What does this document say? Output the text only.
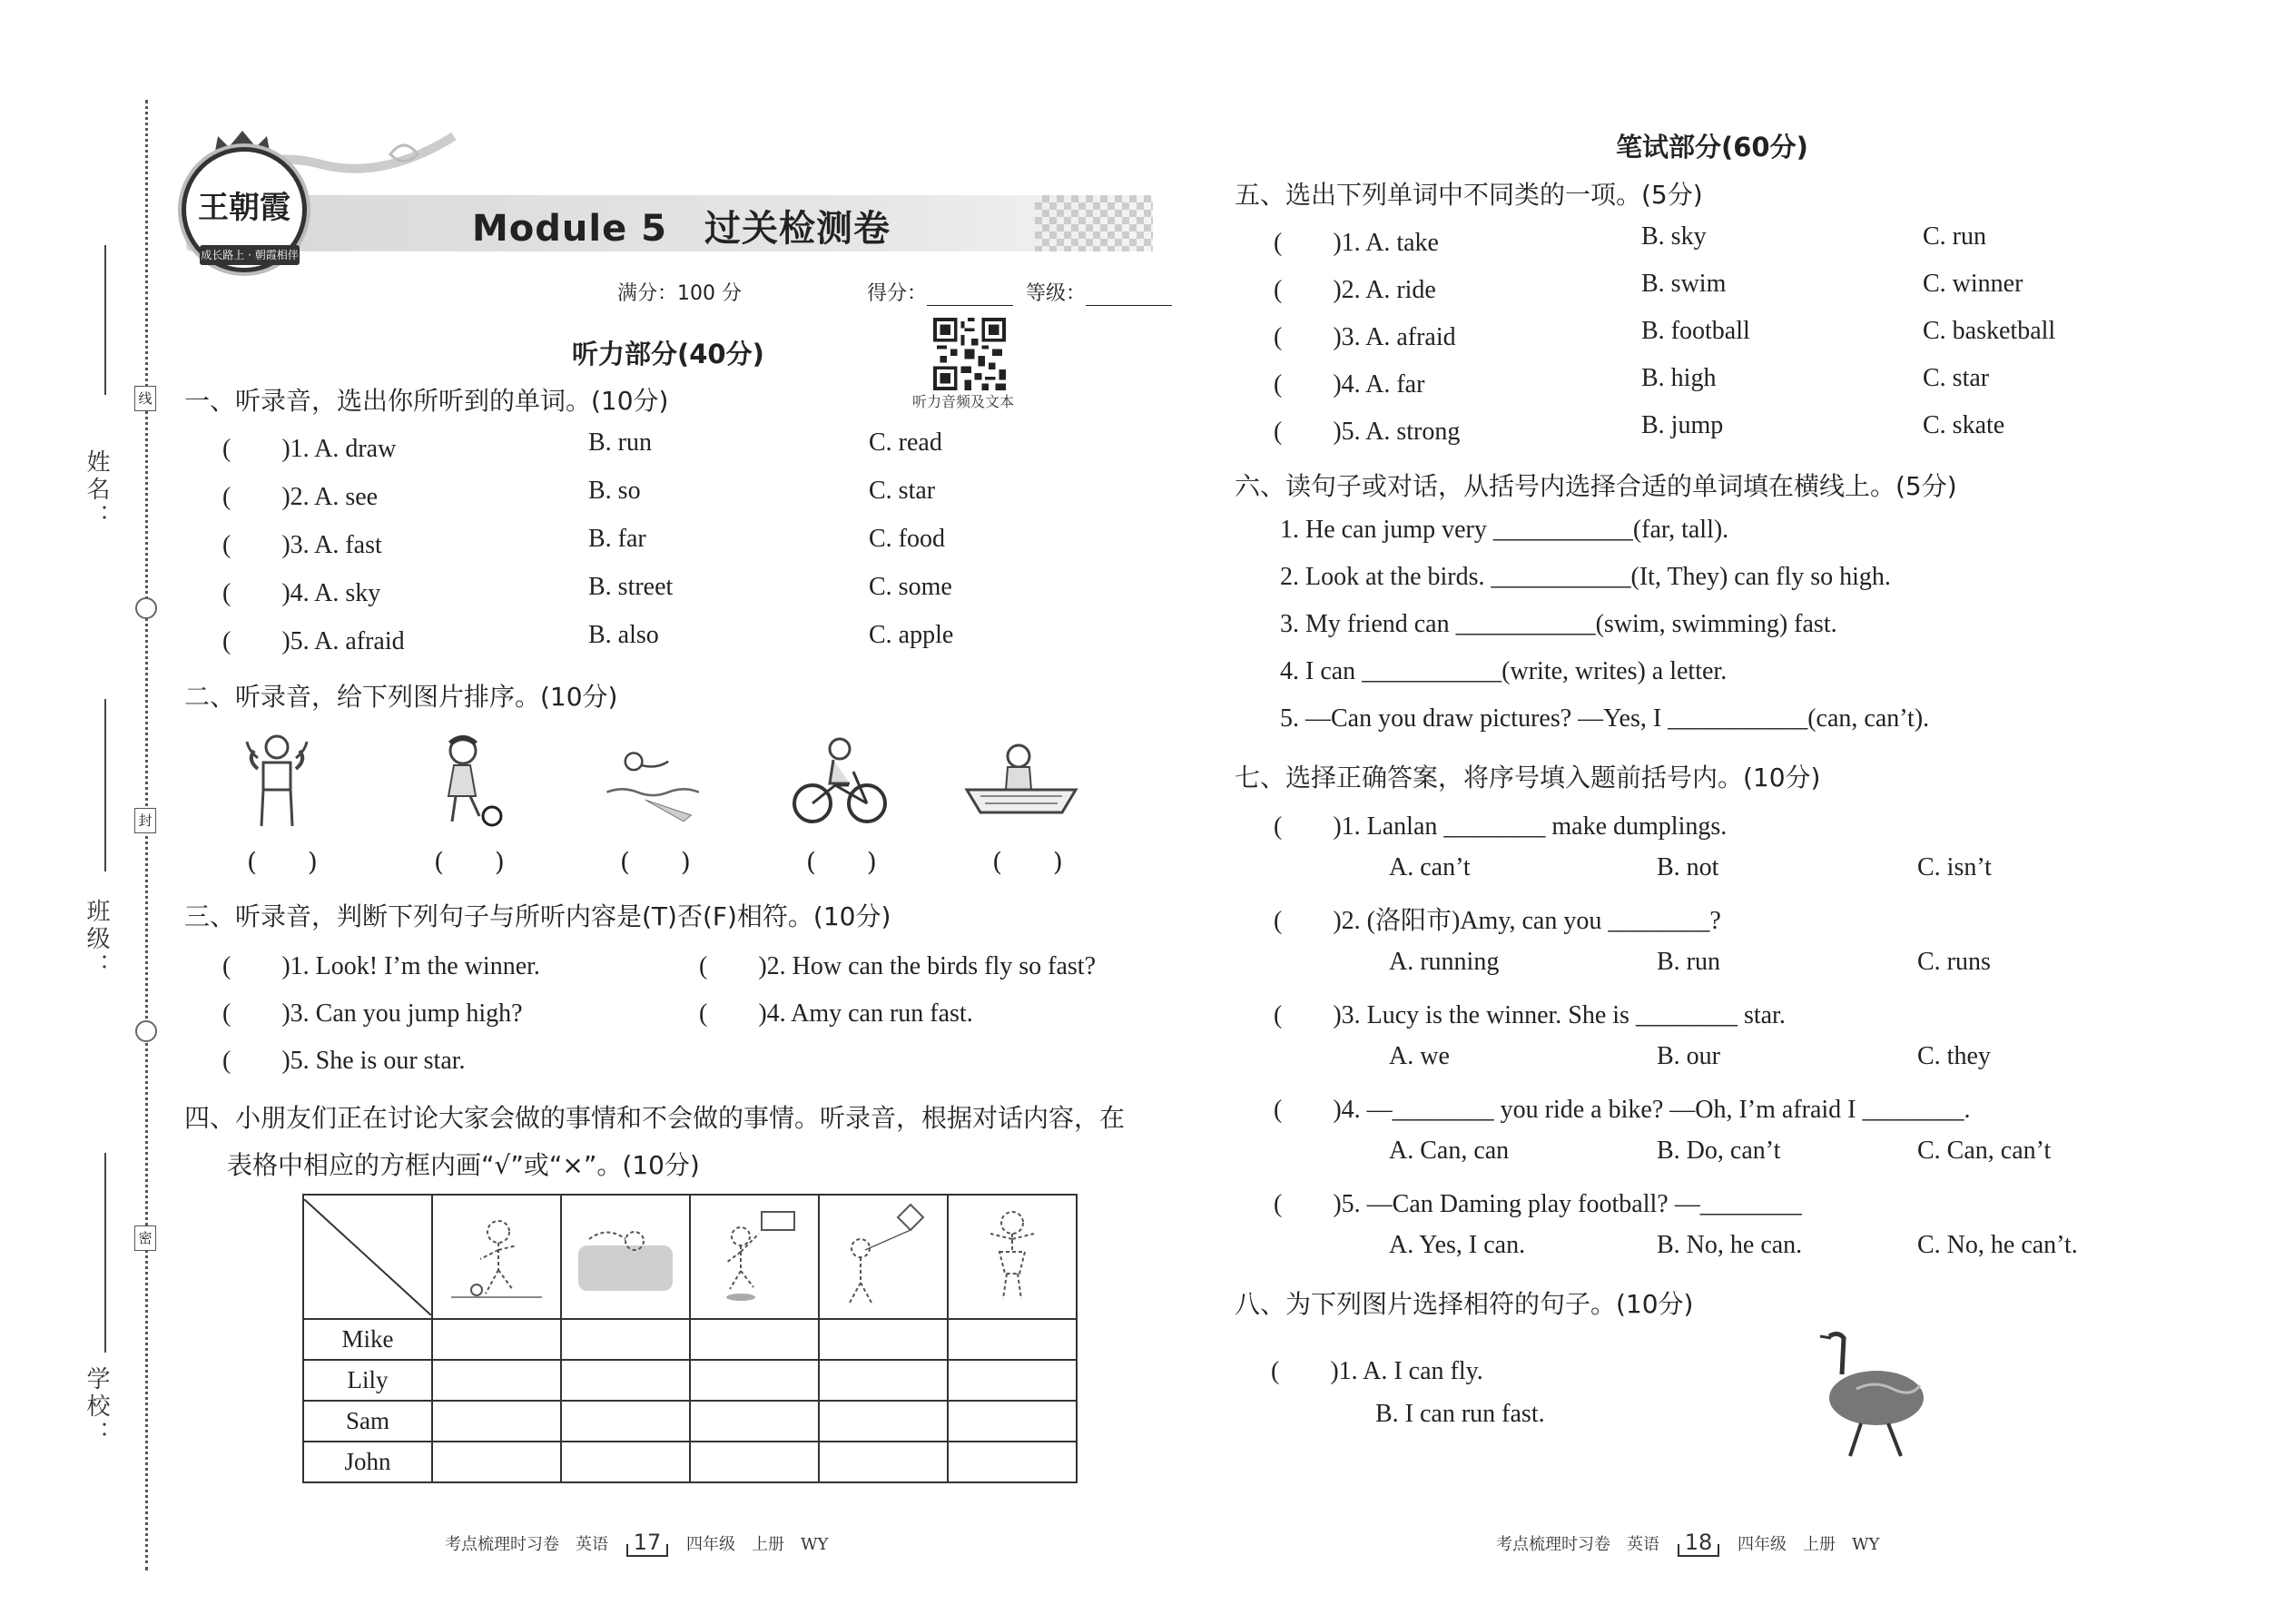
姓名：
班级：
学校：
线
封
密
王朝霞
成长路上 · 朝霞相伴
Module 5　过关检测卷
满分：100 分	得分：	等级：
听力音频及文本
听力部分(40分)
一、听录音，选出你所听到的单词。(10分)
(　　)1. A. draw	B. run	C. read
(　　)2. A. see	B. so	C. star
(　　)3. A. fast	B. far	C. food
(　　)4. A. sky	B. street	C. some
(　　)5. A. afraid	B. also	C. apple
二、听录音，给下列图片排序。(10分)
(　　)	(　　)	(　　)	(　　)	(　　)
三、听录音，判断下列句子与所听内容是(T)否(F)相符。(10分)
(　　)1. Look! I’m the winner.	(　　)2. How can the birds fly so fast?
(　　)3. Can you jump high?	(　　)4. Amy can run fast.
(　　)5. She is our star.
四、小朋友们正在讨论大家会做的事情和不会做的事情。听录音，根据对话内容，在
表格中相应的方框内画“√”或“×”。(10分)

Mike					
Lily					
Sam					
John					
考点梳理时习卷　 英语 17 四年级　 上册　 WY
笔试部分(60分)
五、选出下列单词中不同类的一项。(5分)
(　　)1. A. take	B. sky	C. run
(　　)2. A. ride	B. swim	C. winner
(　　)3. A. afraid	B. football	C. basketball
(　　)4. A. far	B. high	C. star
(　　)5. A. strong	B. jump	C. skate
六、读句子或对话，从括号内选择合适的单词填在横线上。(5分)
1. He can jump very ___________(far, tall).
2. Look at the birds. ___________(It, They) can fly so high.
3. My friend can ___________(swim, swimming) fast.
4. I can ___________(write, writes) a letter.
5. —Can you draw pictures? —Yes, I ___________(can, can’t).
七、选择正确答案，将序号填入题前括号内。(10分)
(　　)1. Lanlan ________ make dumplings.
A. can’t	B. not	C. isn’t
(　　)2. (洛阳市)Amy, can you ________?
A. running	B. run	C. runs
(　　)3. Lucy is the winner. She is ________ star.
A. we	B. our	C. they
(　　)4. —________ you ride a bike? —Oh, I’m afraid I ________.
A. Can, can	B. Do, can’t	C. Can, can’t
(　　)5. —Can Daming play football? —________
A. Yes, I can.	B. No, he can.	C. No, he can’t.
八、为下列图片选择相符的句子。(10分)
(　　)1. A. I can fly.
B. I can run fast.
考点梳理时习卷　 英语 18 四年级　 上册　 WY
